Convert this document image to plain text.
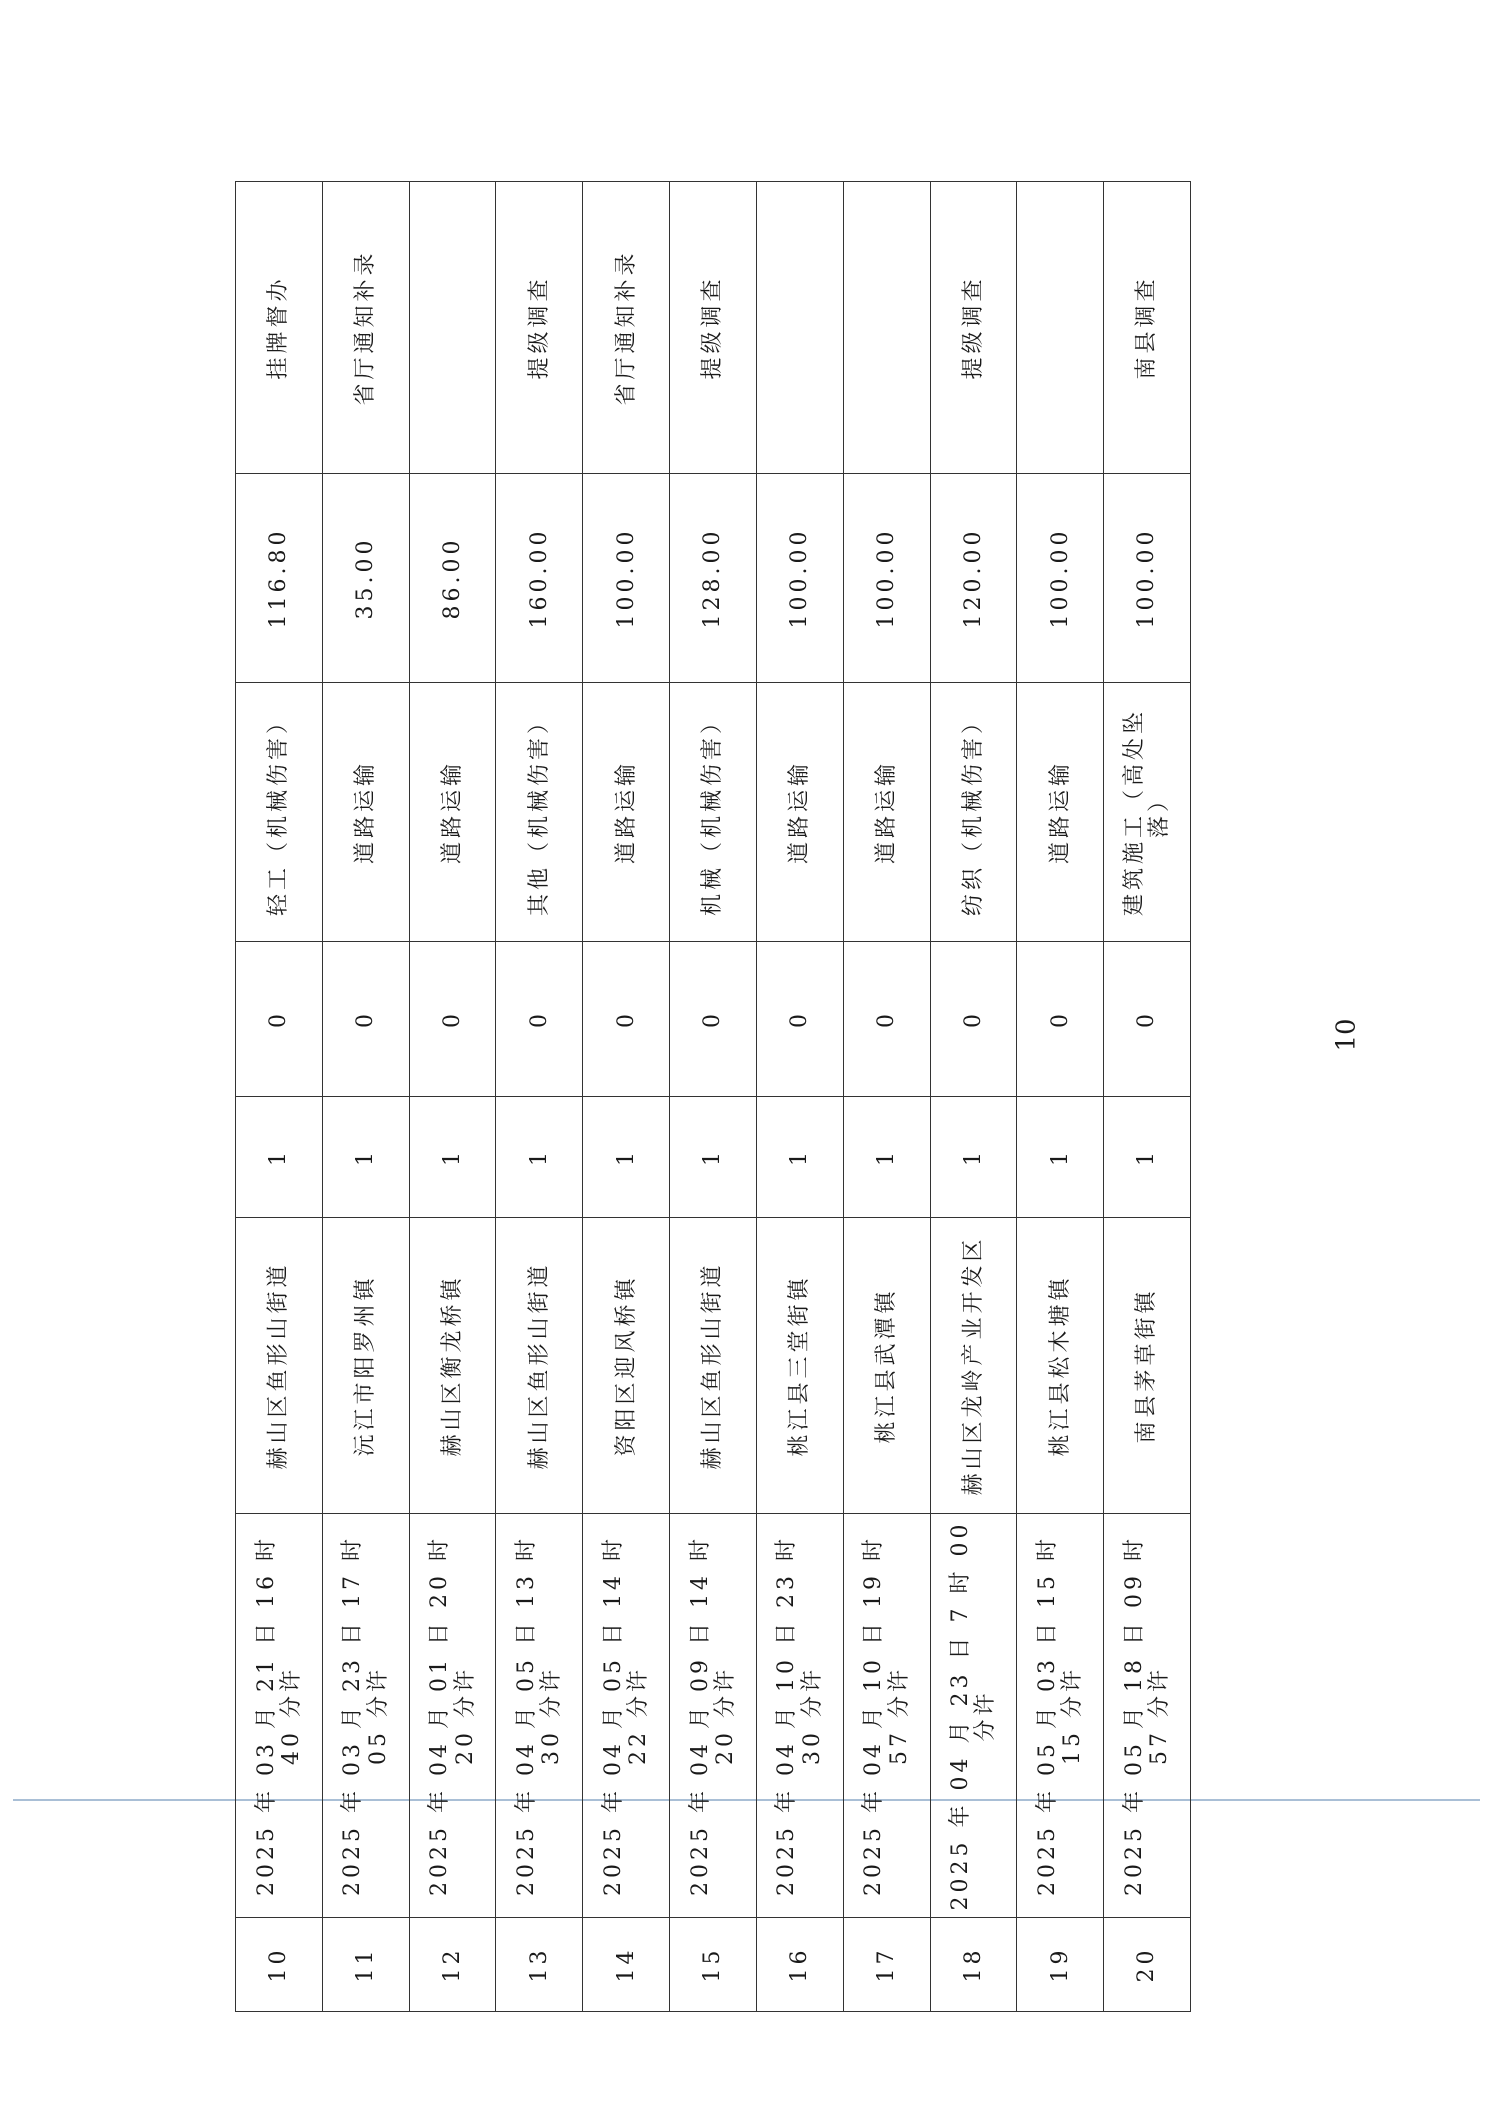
10	2025 年 03 月 21 日 16 时 40 分许	赫山区鱼形山街道	1	0	轻工（机械伤害）	116.80	挂牌督办
11	2025 年 03 月 23 日 17 时 05 分许	沅江市阳罗州镇	1	0	道路运输	35.00	省厅通知补录
12	2025 年 04 月 01 日 20 时 20 分许	赫山区衡龙桥镇	1	0	道路运输	86.00	
13	2025 年 04 月 05 日 13 时 30 分许	赫山区鱼形山街道	1	0	其他（机械伤害）	160.00	提级调查
14	2025 年 04 月 05 日 14 时 22 分许	资阳区迎风桥镇	1	0	道路运输	100.00	省厅通知补录
15	2025 年 04 月 09 日 14 时 20 分许	赫山区鱼形山街道	1	0	机械（机械伤害）	128.00	提级调查
16	2025 年 04 月 10 日 23 时 30 分许	桃江县三堂街镇	1	0	道路运输	100.00	
17	2025 年 04 月 10 日 19 时 57 分许	桃江县武潭镇	1	0	道路运输	100.00	
18	2025 年 04 月 23 日 7 时 00 分许	赫山区龙岭产业开发区	1	0	纺织（机械伤害）	120.00	提级调查
19	2025 年 05 月 03 日 15 时 15 分许	桃江县松木塘镇	1	0	道路运输	100.00	
20	2025 年 05 月 18 日 09 时 57 分许	南县茅草街镇	1	0	建筑施工（高处坠落）	100.00	南县调查
10
